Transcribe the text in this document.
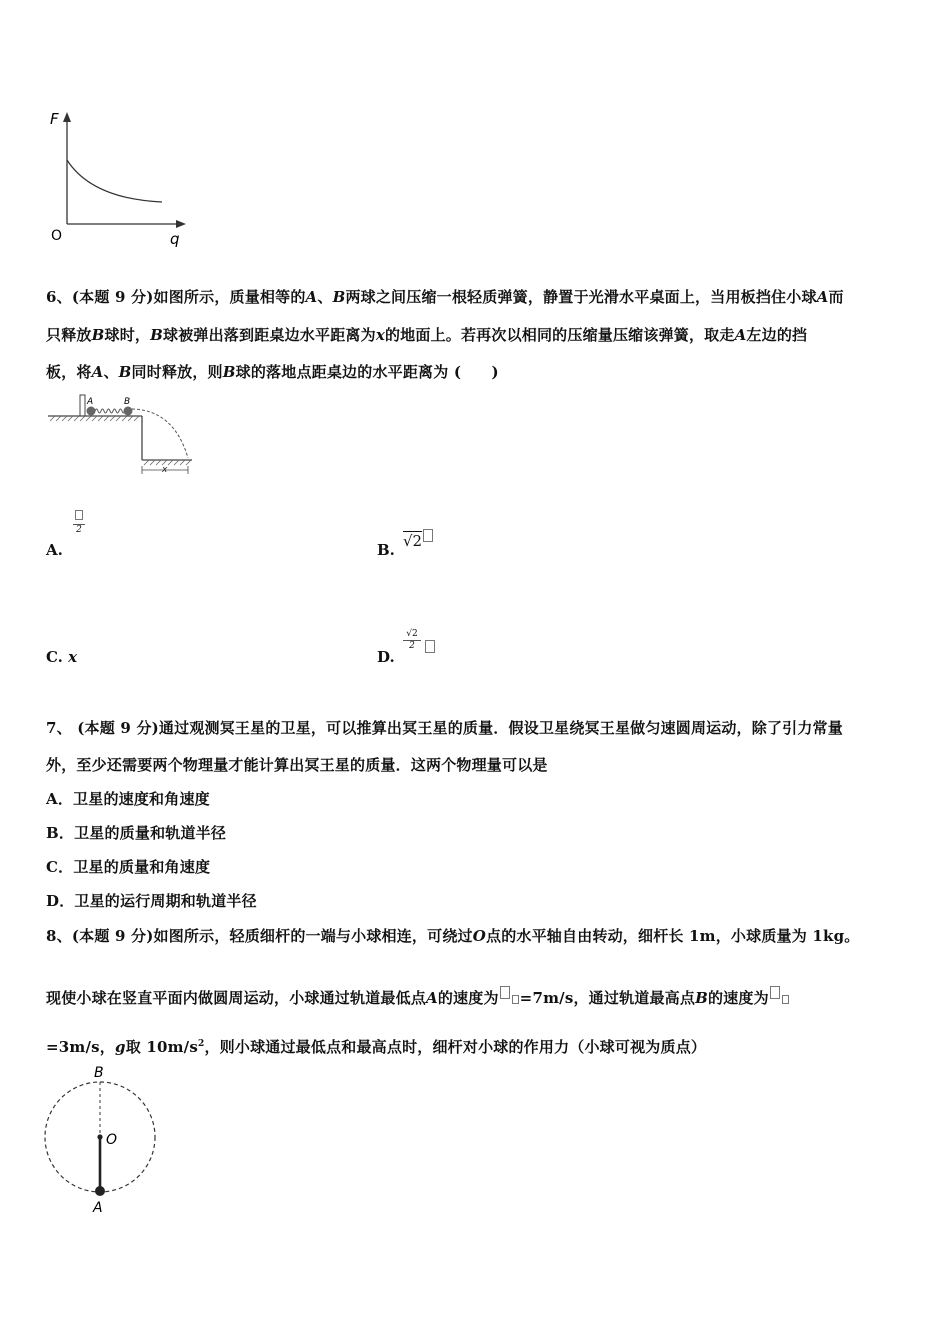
F
O	q
6、(本题 9 分)如图所示，质量相等的A、B两球之间压缩一根轻质弹簧，静置于光滑水平桌面上，当用板挡住小球A而
只释放B球时，B球被弹出落到距桌边水平距离为x的地面上。若再次以相同的压缩量压缩该弹簧，取走A左边的挡
板，将A、B同时释放，则B球的落地点距桌边的水平距离为 (　　)
A	B
x
A.
2
B. √2
C. x	D.
√2
2
7、 (本题 9 分)通过观测冥王星的卫星，可以推算出冥王星的质量．假设卫星绕冥王星做匀速圆周运动，除了引力常量
外，至少还需要两个物理量才能计算出冥王星的质量．这两个物理量可以是
A．卫星的速度和角速度
B．卫星的质量和轨道半径
C．卫星的质量和角速度
D．卫星的运行周期和轨道半径
8、(本题 9 分)如图所示，轻质细杆的一端与小球相连，可绕过O点的水平轴自由转动，细杆长 1m，小球质量为 1kg。
现使小球在竖直平面内做圆周运动，小球通过轨道最低点A的速度为 =7m/s，通过轨道最高点B的速度为
=3m/s，g取 $10m/s^2$，则小球通过最低点和最高点时，细杆对小球的作用力（小球可视为质点）
B
O
A
